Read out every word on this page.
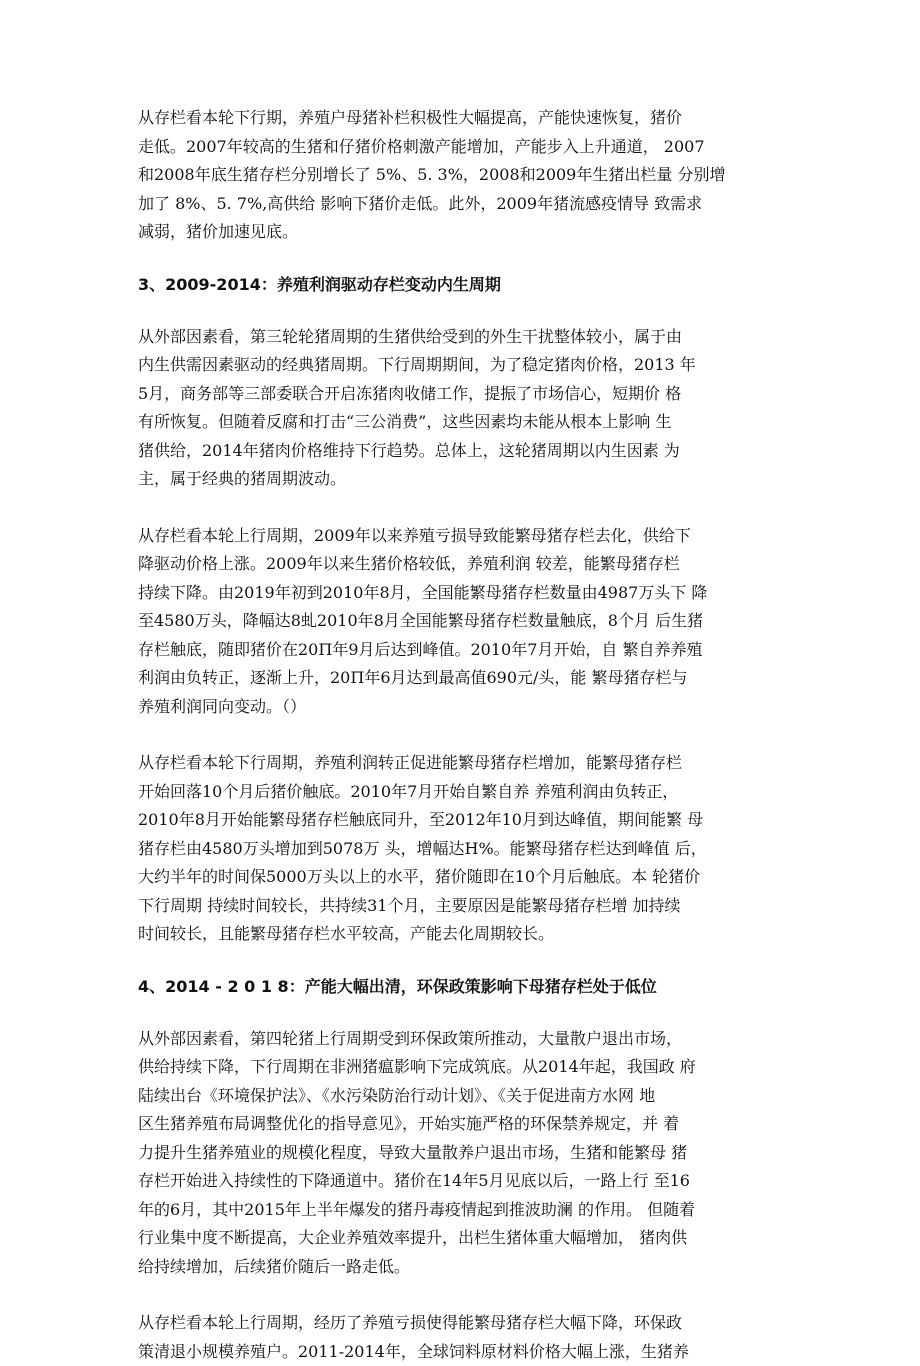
从存栏看本轮下行期，养殖户母猪补栏积极性大幅提高，产能快速恢复，猪价
走低。2007年较高的生猪和仔猪价格刺激产能增加，产能步入上升通道， 2007
和2008年底生猪存栏分别增长了 5%、5. 3%，2008和2009年生猪出栏量 分别增
加了 8%、5. 7%,高供给 影响下猪价走低。此外，2009年猪流感疫情导 致需求
减弱，猪价加速见底。

3、2009-2014：养殖利润驱动存栏变动内生周期

从外部因素看，第三轮轮猪周期的生猪供给受到的外生干扰整体较小，属于由
内生供需因素驱动的经典猪周期。下行周期期间，为了稳定猪肉价格，2013 年
5月，商务部等三部委联合开启冻猪肉收储工作，提振了市场信心，短期价 格
有所恢复。但随着反腐和打击“三公消费”，这些因素均未能从根本上影响 生
猪供给，2014年猪肉价格维持下行趋势。总体上，这轮猪周期以内生因素 为
主，属于经典的猪周期波动。

从存栏看本轮上行周期，2009年以来养殖亏损导致能繁母猪存栏去化，供给下
降驱动价格上涨。2009年以来生猪价格较低，养殖利润 较差，能繁母猪存栏
持续下降。由2019年初到2010年8月，全国能繁母猪存栏数量由4987万头下 降
至4580万头，降幅达8虬2010年8月全国能繁母猪存栏数量触底，8个月 后生猪
存栏触底，随即猪价在20Π年9月后达到峰值。2010年7月开始，自 繁自养养殖
利润由负转正，逐渐上升，20Π年6月达到最高值690元/头，能 繁母猪存栏与
养殖利润同向变动。（）

从存栏看本轮下行周期，养殖利润转正促进能繁母猪存栏增加，能繁母猪存栏
开始回落10个月后猪价触底。2010年7月开始自繁自养 养殖利润由负转正，
2010年8月开始能繁母猪存栏触底同升，至2012年10月到达峰值，期间能繁 母
猪存栏由4580万头增加到5078万 头，增幅达H%。能繁母猪存栏达到峰值 后，
大约半年的时间保5000万头以上的水平，猪价随即在10个月后触底。本 轮猪价
下行周期 持续时间较长，共持续31个月，主要原因是能繁母猪存栏增 加持续
时间较长，且能繁母猪存栏水平较高，产能去化周期较长。

4、2014 - 2 0 1 8：产能大幅出清，环保政策影响下母猪存栏处于低位

从外部因素看，第四轮猪上行周期受到环保政策所推动，大量散户退出市场，
供给持续下降，下行周期在非洲猪瘟影响下完成筑底。从2014年起，我国政 府
陆续出台《环境保护法》、《水污染防治行动计划》、《关于促进南方水网 地
区生猪养殖布局调整优化的指导意见》，开始实施严格的环保禁养规定，并 着
力提升生猪养殖业的规模化程度，导致大量散养户退出市场，生猪和能繁母 猪
存栏开始进入持续性的下降通道中。猪价在14年5月见底以后，一路上行 至16
年的6月，其中2015年上半年爆发的猪丹毒疫情起到推波助澜 的作用。 但随着
行业集中度不断提高，大企业养殖效率提升，出栏生猪体重大幅增加， 猪肉供
给持续增加，后续猪价随后一路走低。

从存栏看本轮上行周期，经历了养殖亏损使得能繁母猪存栏大幅下降，环保政
策清退小规模养殖户。2011-2014年，全球饲料原材料价格大幅上涨，生猪养
